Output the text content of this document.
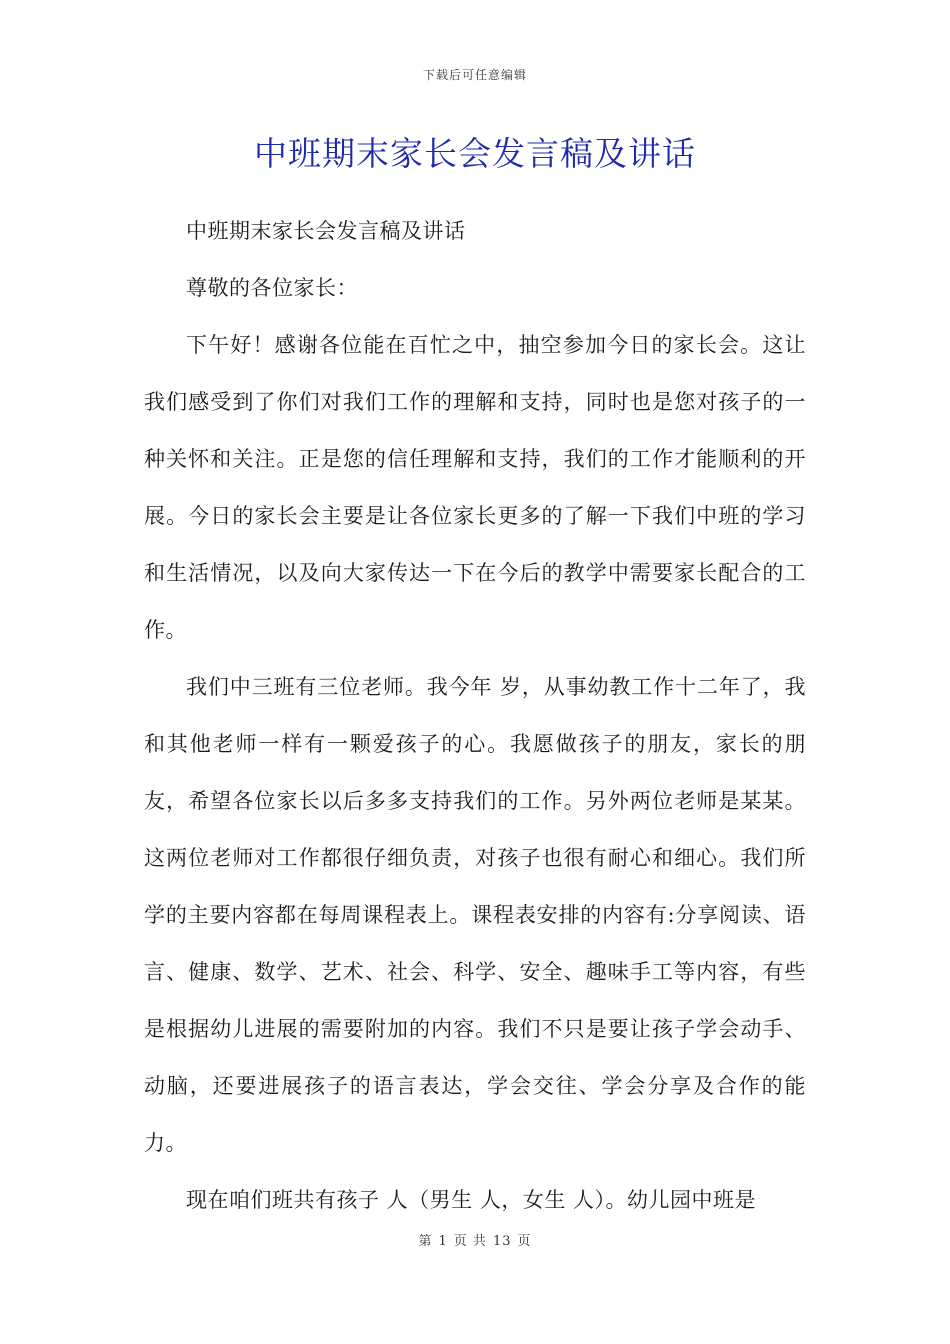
下载后可任意编辑
中班期末家长会发言稿及讲话

中班期末家长会发言稿及讲话

尊敬的各位家长：

下午好！感谢各位能在百忙之中，抽空参加今日的家长会。这让我们感受到了你们对我们工作的理解和支持，同时也是您对孩子的一种关怀和关注。正是您的信任理解和支持，我们的工作才能顺利的开展。今日的家长会主要是让各位家长更多的了解一下我们中班的学习和生活情况，以及向大家传达一下在今后的教学中需要家长配合的工作。

我们中三班有三位老师。我今年 岁，从事幼教工作十二年了，我和其他老师一样有一颗爱孩子的心。我愿做孩子的朋友，家长的朋友，希望各位家长以后多多支持我们的工作。另外两位老师是某某。这两位老师对工作都很仔细负责，对孩子也很有耐心和细心。我们所学的主要内容都在每周课程表上。课程表安排的内容有:分享阅读、语言、健康、数学、艺术、社会、科学、安全、趣味手工等内容，有些是根据幼儿进展的需要附加的内容。我们不只是要让孩子学会动手、动脑，还要进展孩子的语言表达，学会交往、学会分享及合作的能力。

现在咱们班共有孩子 人（男生 人，女生 人）。幼儿园中班是

第 1 页 共 13 页
